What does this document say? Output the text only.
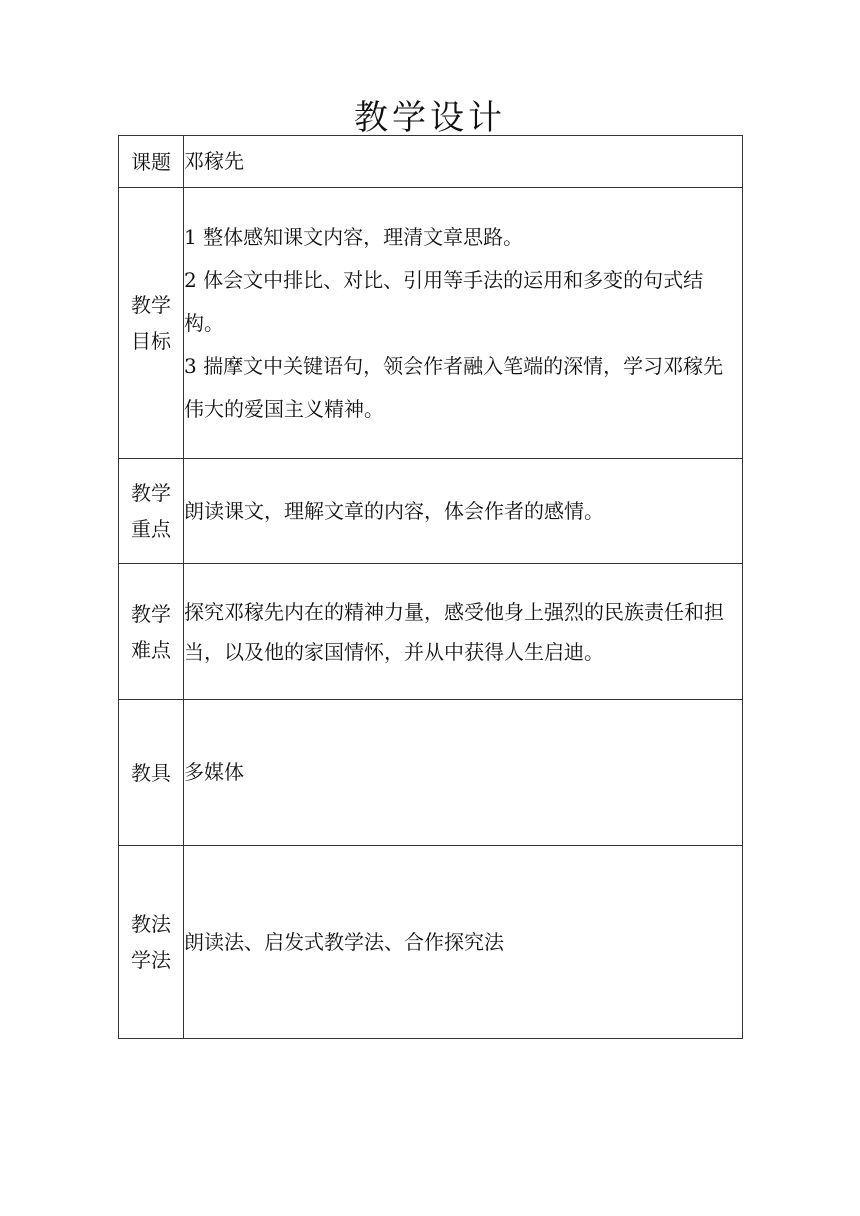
教学设计
课题	邓稼先

教学目标	1 整体感知课文内容，理清文章思路。

2 体会文中排比、对比、引用等手法的运用和多变的句式结构。

3 揣摩文中关键语句，领会作者融入笔端的深情，学习邓稼先伟大的爱国主义精神。

教学重点	朗读课文，理解文章的内容，体会作者的感情。

教学难点	探究邓稼先内在的精神力量，感受他身上强烈的民族责任和担当，以及他的家国情怀，并从中获得人生启迪。

教具	多媒体

教法学法	朗读法、启发式教学法、合作探究法
